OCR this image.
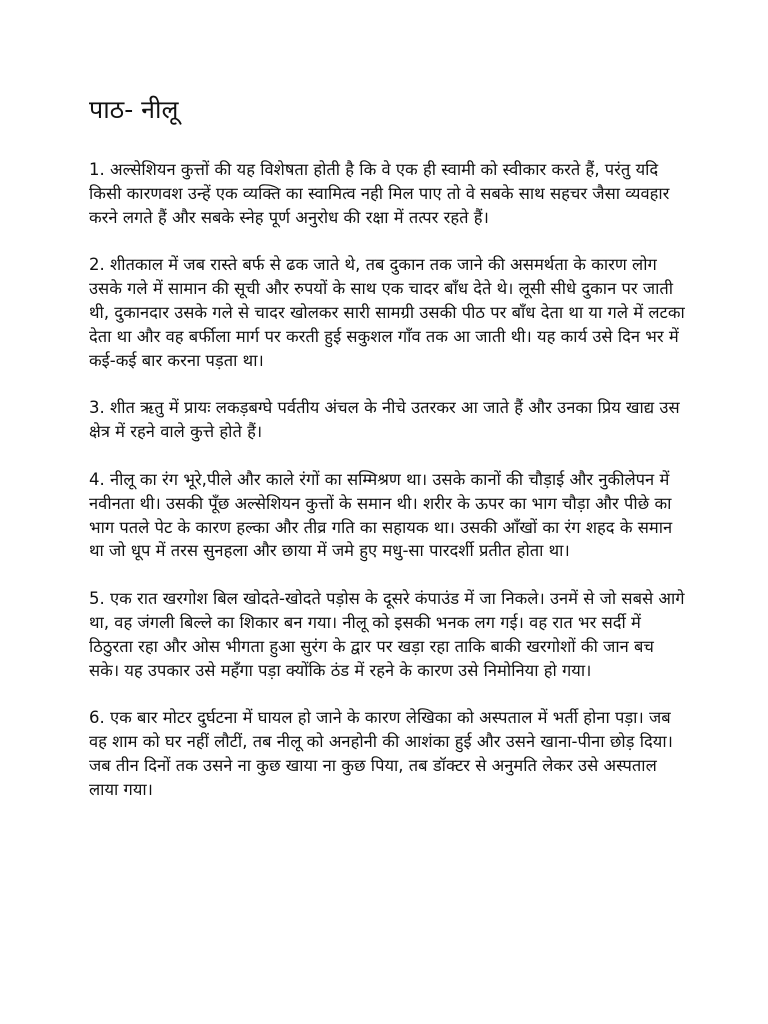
पाठ- नीलू

1. अल्सेशियन कुत्तों की यह विशेषता होती है कि वे एक ही स्वामी को स्वीकार करते हैं, परंतु यदि किसी कारणवश उन्हें एक व्यक्ति का स्वामित्व नही मिल पाए तो वे सबके साथ सहचर जैसा व्यवहार करने लगते हैं और सबके स्नेह पूर्ण अनुरोध की रक्षा में तत्पर रहते हैं।

2. शीतकाल में जब रास्ते बर्फ से ढक जाते थे, तब दुकान तक जाने की असमर्थता के कारण लोग उसके गले में सामान की सूची और रुपयों के साथ एक चादर बाँध देते थे। लूसी सीधे दुकान पर जाती थी, दुकानदार उसके गले से चादर खोलकर सारी सामग्री उसकी पीठ पर बाँध देता था या गले में लटका देता था और वह बर्फीला मार्ग पर करती हुई सकुशल गाँव तक आ जाती थी। यह कार्य उसे दिन भर में कई-कई बार करना पड़ता था।

3. शीत ऋतु में प्रायः लकड़बग्घे पर्वतीय अंचल के नीचे उतरकर आ जाते हैं और उनका प्रिय खाद्य उस क्षेत्र में रहने वाले कुत्ते होते हैं।

4. नीलू का रंग भूरे,पीले और काले रंगों का सम्मिश्रण था। उसके कानों की चौड़ाई और नुकीलेपन में नवीनता थी। उसकी पूँछ अल्सेशियन कुत्तों के समान थी। शरीर के ऊपर का भाग चौड़ा और पीछे का भाग पतले पेट के कारण हल्का और तीव्र गति का सहायक था। उसकी आँखों का रंग शहद के समान था जो धूप में तरस सुनहला और छाया में जमे हुए मधु-सा पारदर्शी प्रतीत होता था।

5. एक रात खरगोश बिल खोदते-खोदते पड़ोस के दूसरे कंपाउंड में जा निकले। उनमें से जो सबसे आगे था, वह जंगली बिल्ले का शिकार बन गया। नीलू को इसकी भनक लग गई। वह रात भर सर्दी में ठिठुरता रहा और ओस भीगता हुआ सुरंग के द्वार पर खड़ा रहा ताकि बाकी खरगोशों की जान बच सके। यह उपकार उसे महँगा पड़ा क्योंकि ठंड में रहने के कारण उसे निमोनिया हो गया।

6. एक बार मोटर दुर्घटना में घायल हो जाने के कारण लेखिका को अस्पताल में भर्ती होना पड़ा। जब वह शाम को घर नहीं लौटीं, तब नीलू को अनहोनी की आशंका हुई और उसने खाना-पीना छोड़ दिया। जब तीन दिनों तक उसने ना कुछ खाया ना कुछ पिया, तब डॉक्टर से अनुमति लेकर उसे अस्पताल लाया गया।
